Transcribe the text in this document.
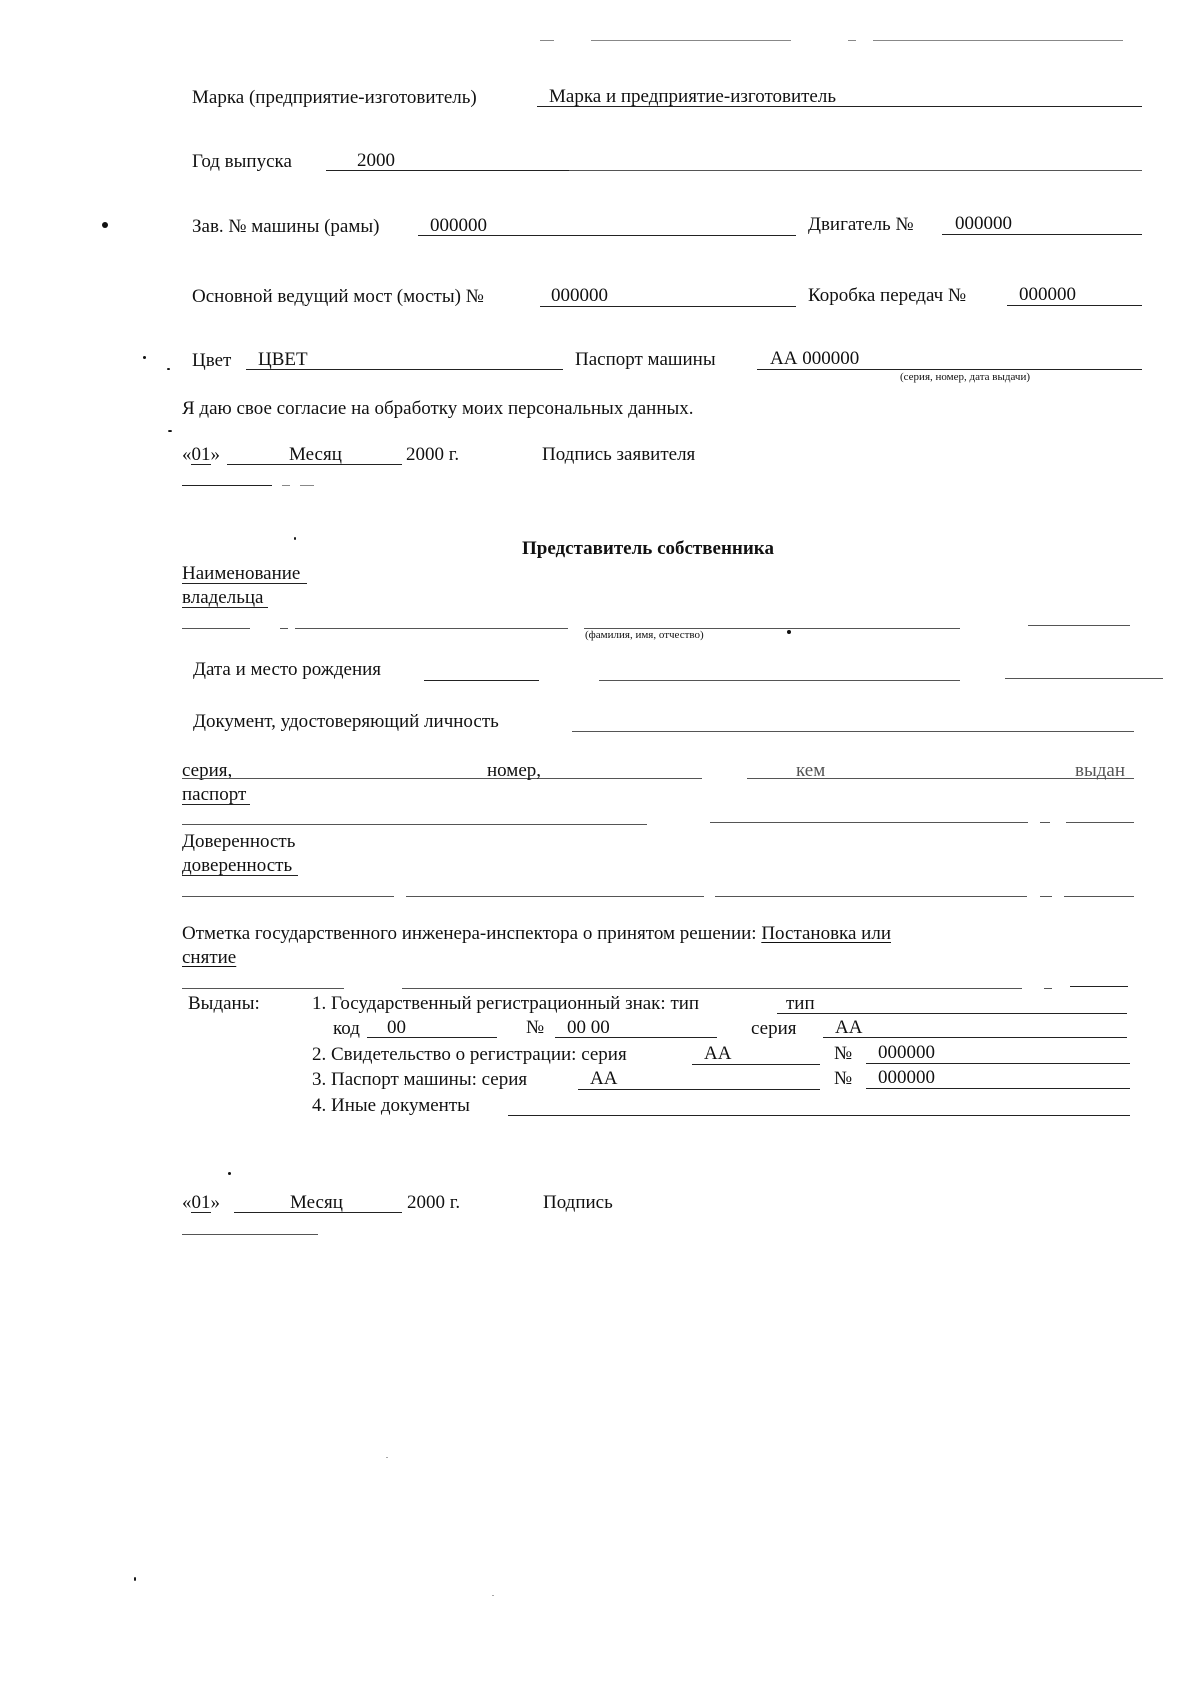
Марка (предприятие-изготовитель)	Марка и предприятие-изготовитель
Год выпуска	2000
Зав. № машины (рамы)	000000	Двигатель № 000000
Основной ведущий мост (мосты) №	000000	Коробка передач №	000000
Цвет ЦВЕТ	Паспорт машины	АА 000000
(серия, номер, дата выдачи)
Я даю свое согласие на обработку моих персональных данных.
«01»	Месяц	2000 г.	Подпись заявителя
Представитель собственника
Наименование
владельца
(фамилия, имя, отчество)
Дата и место рождения
Документ, удостоверяющий личность
серия,	номер,	кем	выдан
паспорт
Доверенность
доверенность
Отметка государственного инженера-инспектора о принятом решении: Постановка или
снятие
Выданы:	1. Государственный регистрационный знак: тип	тип
код 00	№ 00 00	серия АА
2. Свидетельство о регистрации: серия	АА	№ 000000
3. Паспорт машины: серия	АА	№ 000000
4. Иные документы
«01»	Месяц	2000 г.	Подпись
